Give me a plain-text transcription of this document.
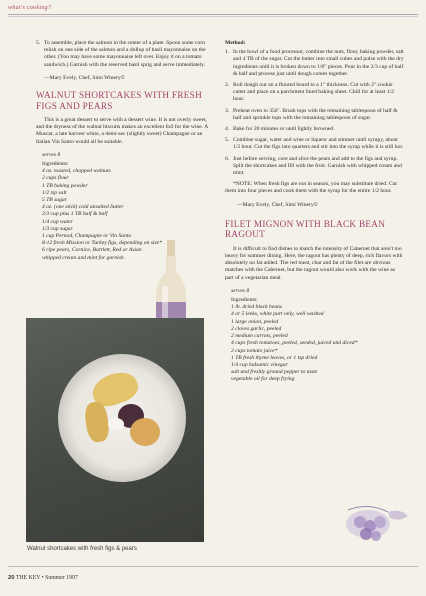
what's cooking?
5. To assemble, place the salmon in the center of a plate. Spoon some corn relish on one side of the salmon and a dollop of basil mayonnaise on the other. (You may have some mayonnaise left over. Enjoy it on a tomato sandwich.) Garnish with the reserved basil sprig and serve immediately.
—Mary Evely, Chef, Simi Winery©
WALNUT SHORTCAKES WITH FRESH FIGS AND PEARS
This is a great dessert to serve with a dessert wine. It is not overly sweet, and the dryness of the walnut biscuits makes an excellent foil for the wine. A Muscat, a late harvest white, a demi-sec (slightly sweet) Champagne or an Italian Vin Santo would all be suitable.
serves 8
Ingredients:
4 oz. toasted, chopped walnuts
2 cups flour
1 TB baking powder
1/2 tsp salt
5 TB sugar
4 oz. (one stick) cold unsalted butter
2/3 cup plus 1 TB half & half
1/4 cup water
1/3 cup sugar
1 cup Pernod, Champagne or Vin Santo
8-12 fresh Mission or Turkey figs, depending on size*
6 ripe pears, Cornice, Bartlett, Red or Asian
whipped cream and mint for garnish
Walnut shortcakes with fresh figs & pears
Method:
1. In the bowl of a food processor, combine the nuts, flour, baking powder, salt and 4 TB of the sugar. Cut the butter into small cubes and pulse with the dry ingredients until it is broken down to 1/8" pieces. Pour in the 2/3 cup of half & half and process just until dough comes together.
2. Roll dough out on a floured board to a 1" thickness. Cut with 2" cookie cutter and place on a parchment lined baking sheet. Chill for at least 1/2 hour.
3. Preheat oven to 350˚. Brush tops with the remaining tablespoon of half & half and sprinkle tops with the remaining tablespoon of sugar.
4. Bake for 20 minutes or until lightly browned.
5. Combine sugar, water and wine or liqueur and simmer until syrupy, about 1/2 hour. Cut the figs into quarters and stir into the syrup while it is still hot.
6. Just before serving, core and slice the pears and add to the figs and syrup. Split the shortcakes and fill with the fruit. Garnish with whipped cream and mint.
*NOTE: When fresh figs are not in season, you may substitute dried. Cut them into four pieces and cook them with the syrup for the entire 1/2 hour.
—Mary Evely, Chef, Simi Winery©
FILET MIGNON WITH BLACK BEAN RAGOUT
It is difficult to find dishes to match the intensity of Cabernet that aren't too heavy for summer dining. Here, the ragout has plenty of deep, rich flavors with absolutely no fat added. The red meat, char and fat of the filet are obvious matches with the Cabernet, but the ragout would also work with the wine as part of a vegetarian meal.
serves 8
Ingredients:
1 lb. dried black beans
4 or 5 leeks, white part only, well washed
1 large onion, peeled
2 cloves garlic, peeled
2 medium carrots, peeled
4 cups fresh tomatoes, peeled, seeded, juiced and diced*
2 cups tomato juice*
1 TB fresh thyme leaves, or 1 tsp dried
1/4 cup balsamic vinegar
salt and freshly ground pepper to taste
vegetable oil for deep frying
20 THE KEY • Summer 1997
